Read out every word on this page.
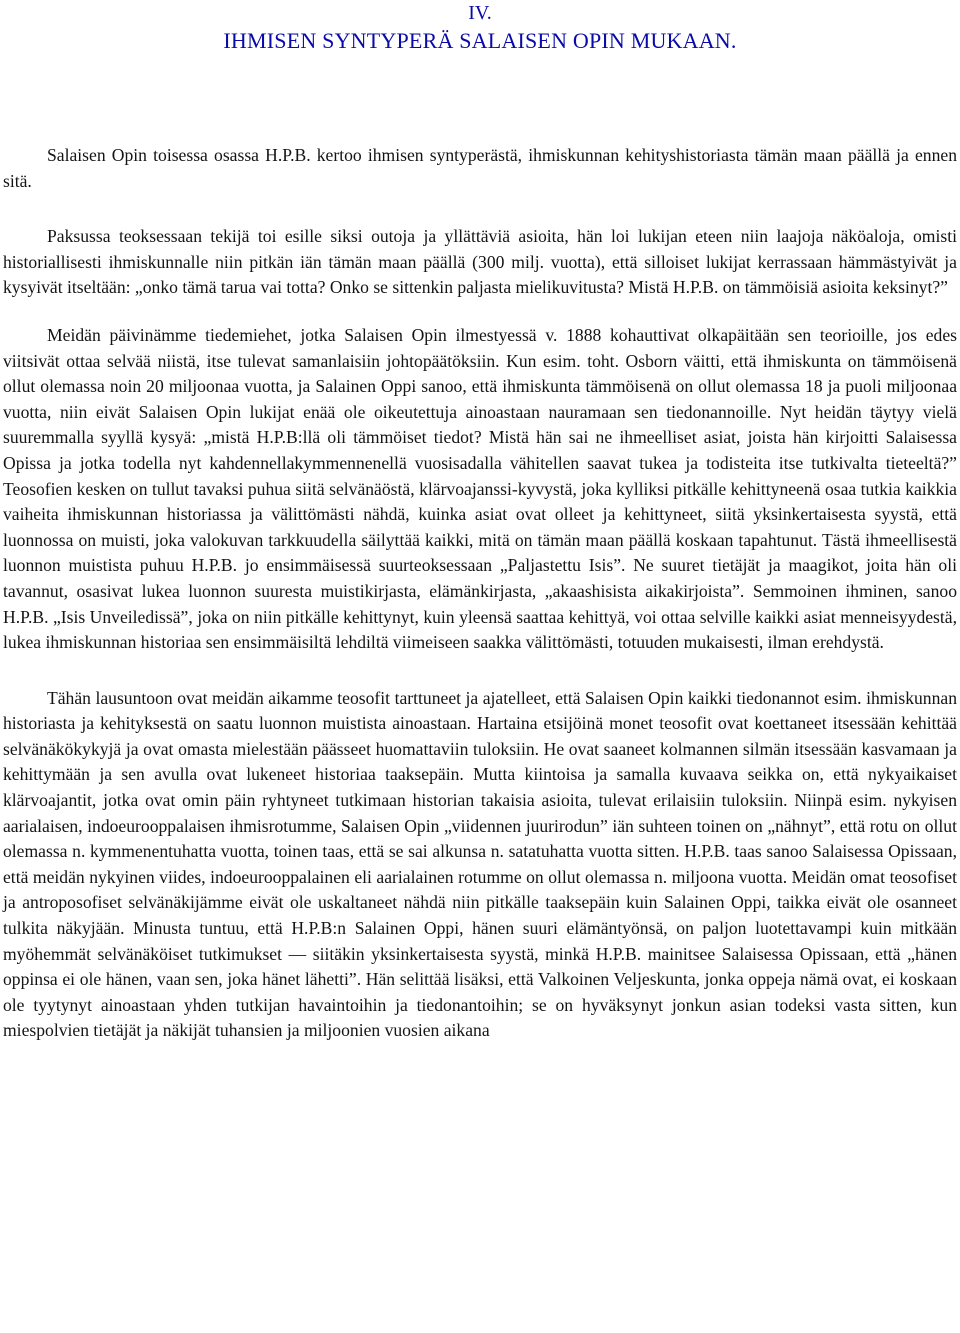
IV.

IHMISEN SYNTYPERÄ SALAISEN OPIN MUKAAN.

Salaisen Opin toisessa osassa H.P.B. kertoo ihmisen syntyperästä, ihmiskunnan kehityshistoriasta tämän maan päällä ja ennen sitä.

Paksussa teoksessaan tekijä toi esille siksi outoja ja yllättäviä asioita, hän loi lukijan eteen niin laajoja näköaloja, omisti historiallisesti ihmiskunnalle niin pitkän iän tämän maan päällä (300 milj. vuotta), että silloiset lukijat kerrassaan hämmästyivät ja kysyivät itseltään: „onko tämä tarua vai totta? Onko se sittenkin paljasta mielikuvitusta? Mistä H.P.B. on tämmöisiä asioita keksinyt?”

Meidän päivinämme tiedemiehet, jotka Salaisen Opin ilmestyessä v. 1888 kohauttivat olkapäitään sen teorioille, jos edes viitsivät ottaa selvää niistä, itse tulevat samanlaisiin johtopäätöksiin. Kun esim. toht. Osborn väitti, että ihmiskunta on tämmöisenä ollut olemassa noin 20 miljoonaa vuotta, ja Salainen Oppi sanoo, että ihmiskunta tämmöisenä on ollut olemassa 18 ja puoli miljoonaa vuotta, niin eivät Salaisen Opin lukijat enää ole oikeutettuja ainoastaan nauramaan sen tiedonannoille. Nyt heidän täytyy vielä suuremmalla syyllä kysyä: „mistä H.P.B:llä oli tämmöiset tiedot? Mistä hän sai ne ihmeelliset asiat, joista hän kirjoitti Salaisessa Opissa ja jotka todella nyt kahdennellakymmennenellä vuosisadalla vähitellen saavat tukea ja todisteita itse tutkivalta tieteeltä?” Teosofien kesken on tullut tavaksi puhua siitä selvänäöstä, klärvoajanssi-kyvystä, joka kylliksi pitkälle kehittyneenä osaa tutkia kaikkia vaiheita ihmiskunnan historiassa ja välittömästi nähdä, kuinka asiat ovat olleet ja kehittyneet, siitä yksinkertaisesta syystä, että luonnossa on muisti, joka valokuvan tarkkuudella säilyttää kaikki, mitä on tämän maan päällä koskaan tapahtunut. Tästä ihmeellisestä luonnon muistista puhuu H.P.B. jo ensimmäisessä suurteoksessaan „Paljastettu Isis”. Ne suuret tietäjät ja maagikot, joita hän oli tavannut, osasivat lukea luonnon suuresta muistikirjasta, elämänkirjasta, „akaashisista aikakirjoista”. Semmoinen ihminen, sanoo H.P.B. „Isis Unveiledissä”, joka on niin pitkälle kehittynyt, kuin yleensä saattaa kehittyä, voi ottaa selville kaikki asiat menneisyydestä, lukea ihmiskunnan historiaa sen ensimmäisiltä lehdiltä viimeiseen saakka välittömästi, totuuden mukaisesti, ilman erehdystä.

Tähän lausuntoon ovat meidän aikamme teosofit tarttuneet ja ajatelleet, että Salaisen Opin kaikki tiedonannot esim. ihmiskunnan historiasta ja kehityksestä on saatu luonnon muistista ainoastaan. Hartaina etsijöinä monet teosofit ovat koettaneet itsessään kehittää selvänäkökykyjä ja ovat omasta mielestään päässeet huomattaviin tuloksiin. He ovat saaneet kolmannen silmän itsessään kasvamaan ja kehittymään ja sen avulla ovat lukeneet historiaa taaksepäin. Mutta kiintoisa ja samalla kuvaava seikka on, että nykyaikaiset klärvoajantit, jotka ovat omin päin ryhtyneet tutkimaan historian takaisia asioita, tulevat erilaisiin tuloksiin. Niinpä esim. nykyisen aarialaisen, indoeurooppalaisen ihmisrotumme, Salaisen Opin „viidennen juurirodun” iän suhteen toinen on „nähnyt”, että rotu on ollut olemassa n. kymmenentuhatta vuotta, toinen taas, että se sai alkunsa n. satatuhatta vuotta sitten. H.P.B. taas sanoo Salaisessa Opissaan, että meidän nykyinen viides, indoeurooppalainen eli aarialainen rotumme on ollut olemassa n. miljoona vuotta. Meidän omat teosofiset ja antroposofiset selvänäkijämme eivät ole uskaltaneet nähdä niin pitkälle taaksepäin kuin Salainen Oppi, taikka eivät ole osanneet tulkita näkyjään. Minusta tuntuu, että H.P.B:n Salainen Oppi, hänen suuri elämäntyönsä, on paljon luotettavampi kuin mitkään myöhemmät selvänäköiset tutkimukset — siitäkin yksinkertaisesta syystä, minkä H.P.B. mainitsee Salaisessa Opissaan, että „hänen oppinsa ei ole hänen, vaan sen, joka hänet lähetti”. Hän selittää lisäksi, että Valkoinen Veljeskunta, jonka oppeja nämä ovat, ei koskaan ole tyytynyt ainoastaan yhden tutkijan havaintoihin ja tiedonantoihin; se on hyväksynyt jonkun asian todeksi vasta sitten, kun miespolvien tietäjät ja näkijät tuhansien ja miljoonien vuosien aikana
